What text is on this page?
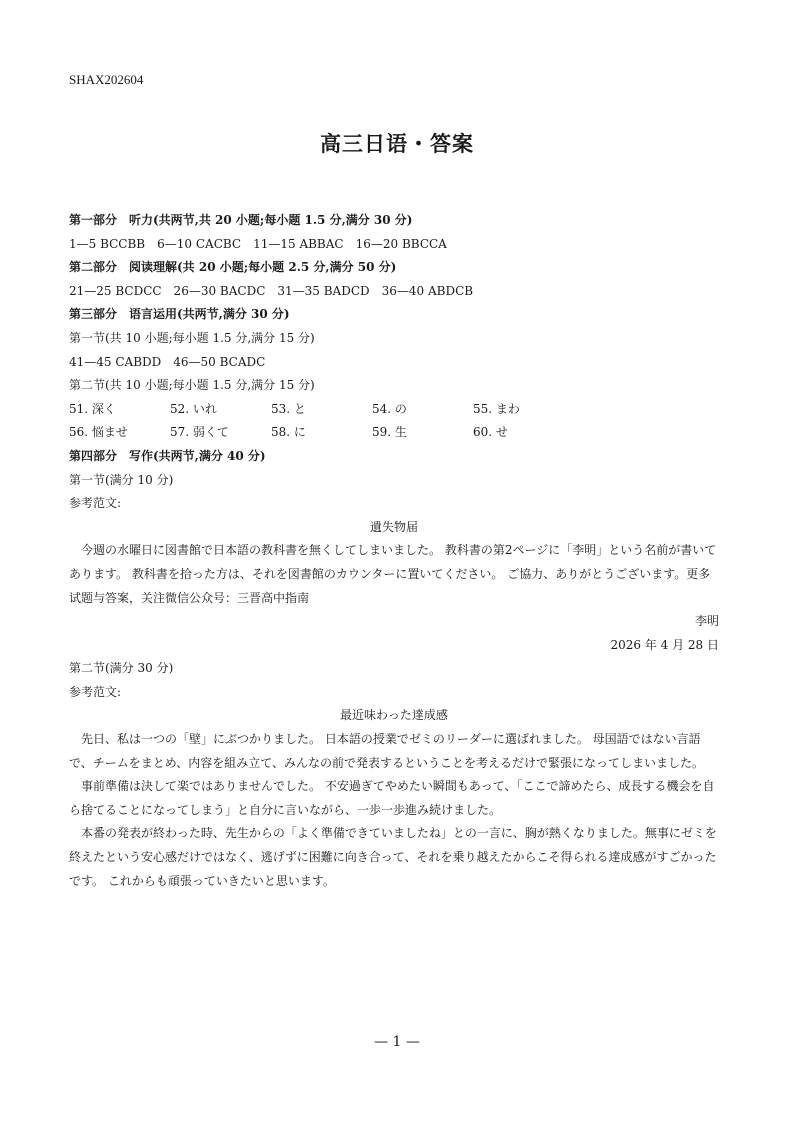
SHAX202604
高三日语・答案
第一部分　听力(共两节,共 20 小题;每小题 1.5 分,满分 30 分)
1—5 BCCBB　6—10 CACBC　11—15 ABBAC　16—20 BBCCA
第二部分　阅读理解(共 20 小题;每小题 2.5 分,满分 50 分)
21—25 BCDCC　26—30 BACDC　31—35 BADCD　36—40 ABDCB
第三部分　语言运用(共两节,满分 30 分)
第一节(共 10 小题;每小题 1.5 分,满分 15 分)
41—45 CABDD　46—50 BCADC
第二节(共 10 小题;每小题 1.5 分,满分 15 分)
51. 深く	52. いれ	53. と	54. の	55. まわ
56. 悩ませ	57. 弱くて	58. に	59. 生	60. せ
第四部分　写作(共两节,满分 40 分)
第一节(满分 10 分)
参考范文:
遺失物届

今週の水曜日に図書館で日本語の教科書を無くしてしまいました。 教科書の第2ページに「李明」という名前が書いてあります。 教科書を拾った方は、それを図書館のカウンターに置いてください。 ご協力、ありがとうございます。更多试题与答案，关注微信公众号：三晋高中指南

李明
2026 年 4 月 28 日
第二节(满分 30 分)
参考范文:
最近味わった達成感

先日、私は一つの「壁」にぶつかりました。 日本語の授業でゼミのリーダーに選ばれました。 母国語ではない言語で、チームをまとめ、内容を組み立て、みんなの前で発表するということを考えるだけで緊張になってしまいました。

事前準備は決して楽ではありませんでした。 不安過ぎてやめたい瞬間もあって、「ここで諦めたら、成長する機会を自ら捨てることになってしまう」と自分に言いながら、一歩一歩進み続けました。

本番の発表が終わった時、先生からの「よく準備できていましたね」との一言に、胸が熱くなりました。無事にゼミを終えたという安心感だけではなく、逃げずに困難に向き合って、それを乗り越えたからこそ得られる達成感がすごかったです。 これからも頑張っていきたいと思います。

— 1 —
